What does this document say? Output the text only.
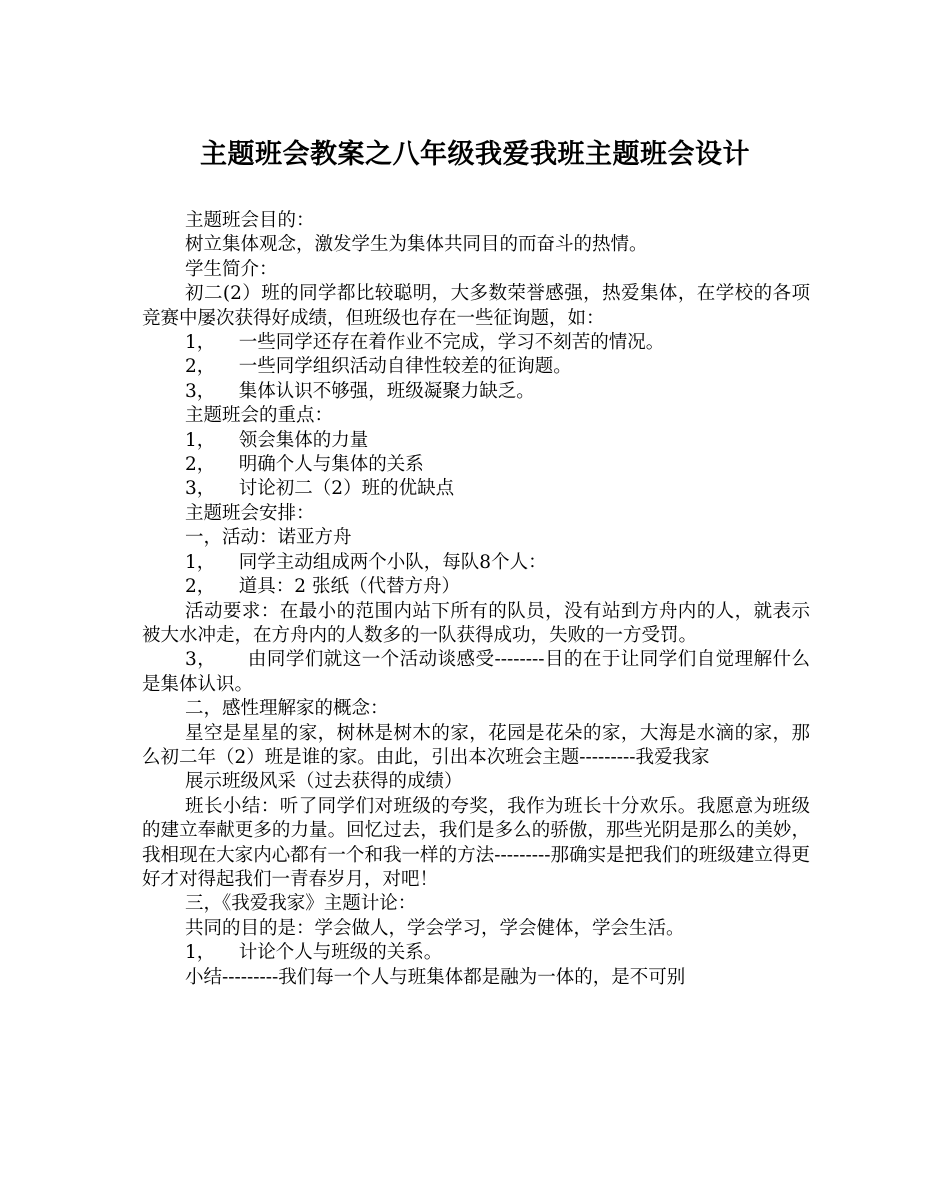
主题班会教案之八年级我爱我班主题班会设计

主题班会目的：

树立集体观念，激发学生为集体共同目的而奋斗的热情。

学生简介：

初二(2）班的同学都比较聪明，大多数荣誉感强，热爱集体，在学校的各项竞赛中屡次获得好成绩，但班级也存在一些征询题，如：

1，    一些同学还存在着作业不完成，学习不刻苦的情况。

2，    一些同学组织活动自律性较差的征询题。

3，    集体认识不够强，班级凝聚力缺乏。

主题班会的重点：

1，    领会集体的力量

2，    明确个人与集体的关系

3，    讨论初二（2）班的优缺点

主题班会安排：

一，活动：诺亚方舟

1，    同学主动组成两个小队，每队8个人：

2，    道具：2 张纸（代替方舟）

活动要求：在最小的范围内站下所有的队员，没有站到方舟内的人，就表示被大水冲走，在方舟内的人数多的一队获得成功，失败的一方受罚。

3，     由同学们就这一个活动谈感受--------目的在于让同学们自觉理解什么是集体认识。

二，感性理解家的概念：

星空是星星的家，树林是树木的家，花园是花朵的家，大海是水滴的家，那么初二年（2）班是谁的家。由此，引出本次班会主题---------我爱我家

展示班级风采（过去获得的成绩）

班长小结：听了同学们对班级的夸奖，我作为班长十分欢乐。我愿意为班级的建立奉献更多的力量。回忆过去，我们是多么的骄傲，那些光阴是那么的美妙，我相现在大家内心都有一个和我一样的方法---------那确实是把我们的班级建立得更好才对得起我们一青春岁月，对吧！

三，《我爱我家》主题计论：

共同的目的是：学会做人，学会学习，学会健体，学会生活。

1，    计论个人与班级的关系。

小结---------我们每一个人与班集体都是融为一体的，是不可别
